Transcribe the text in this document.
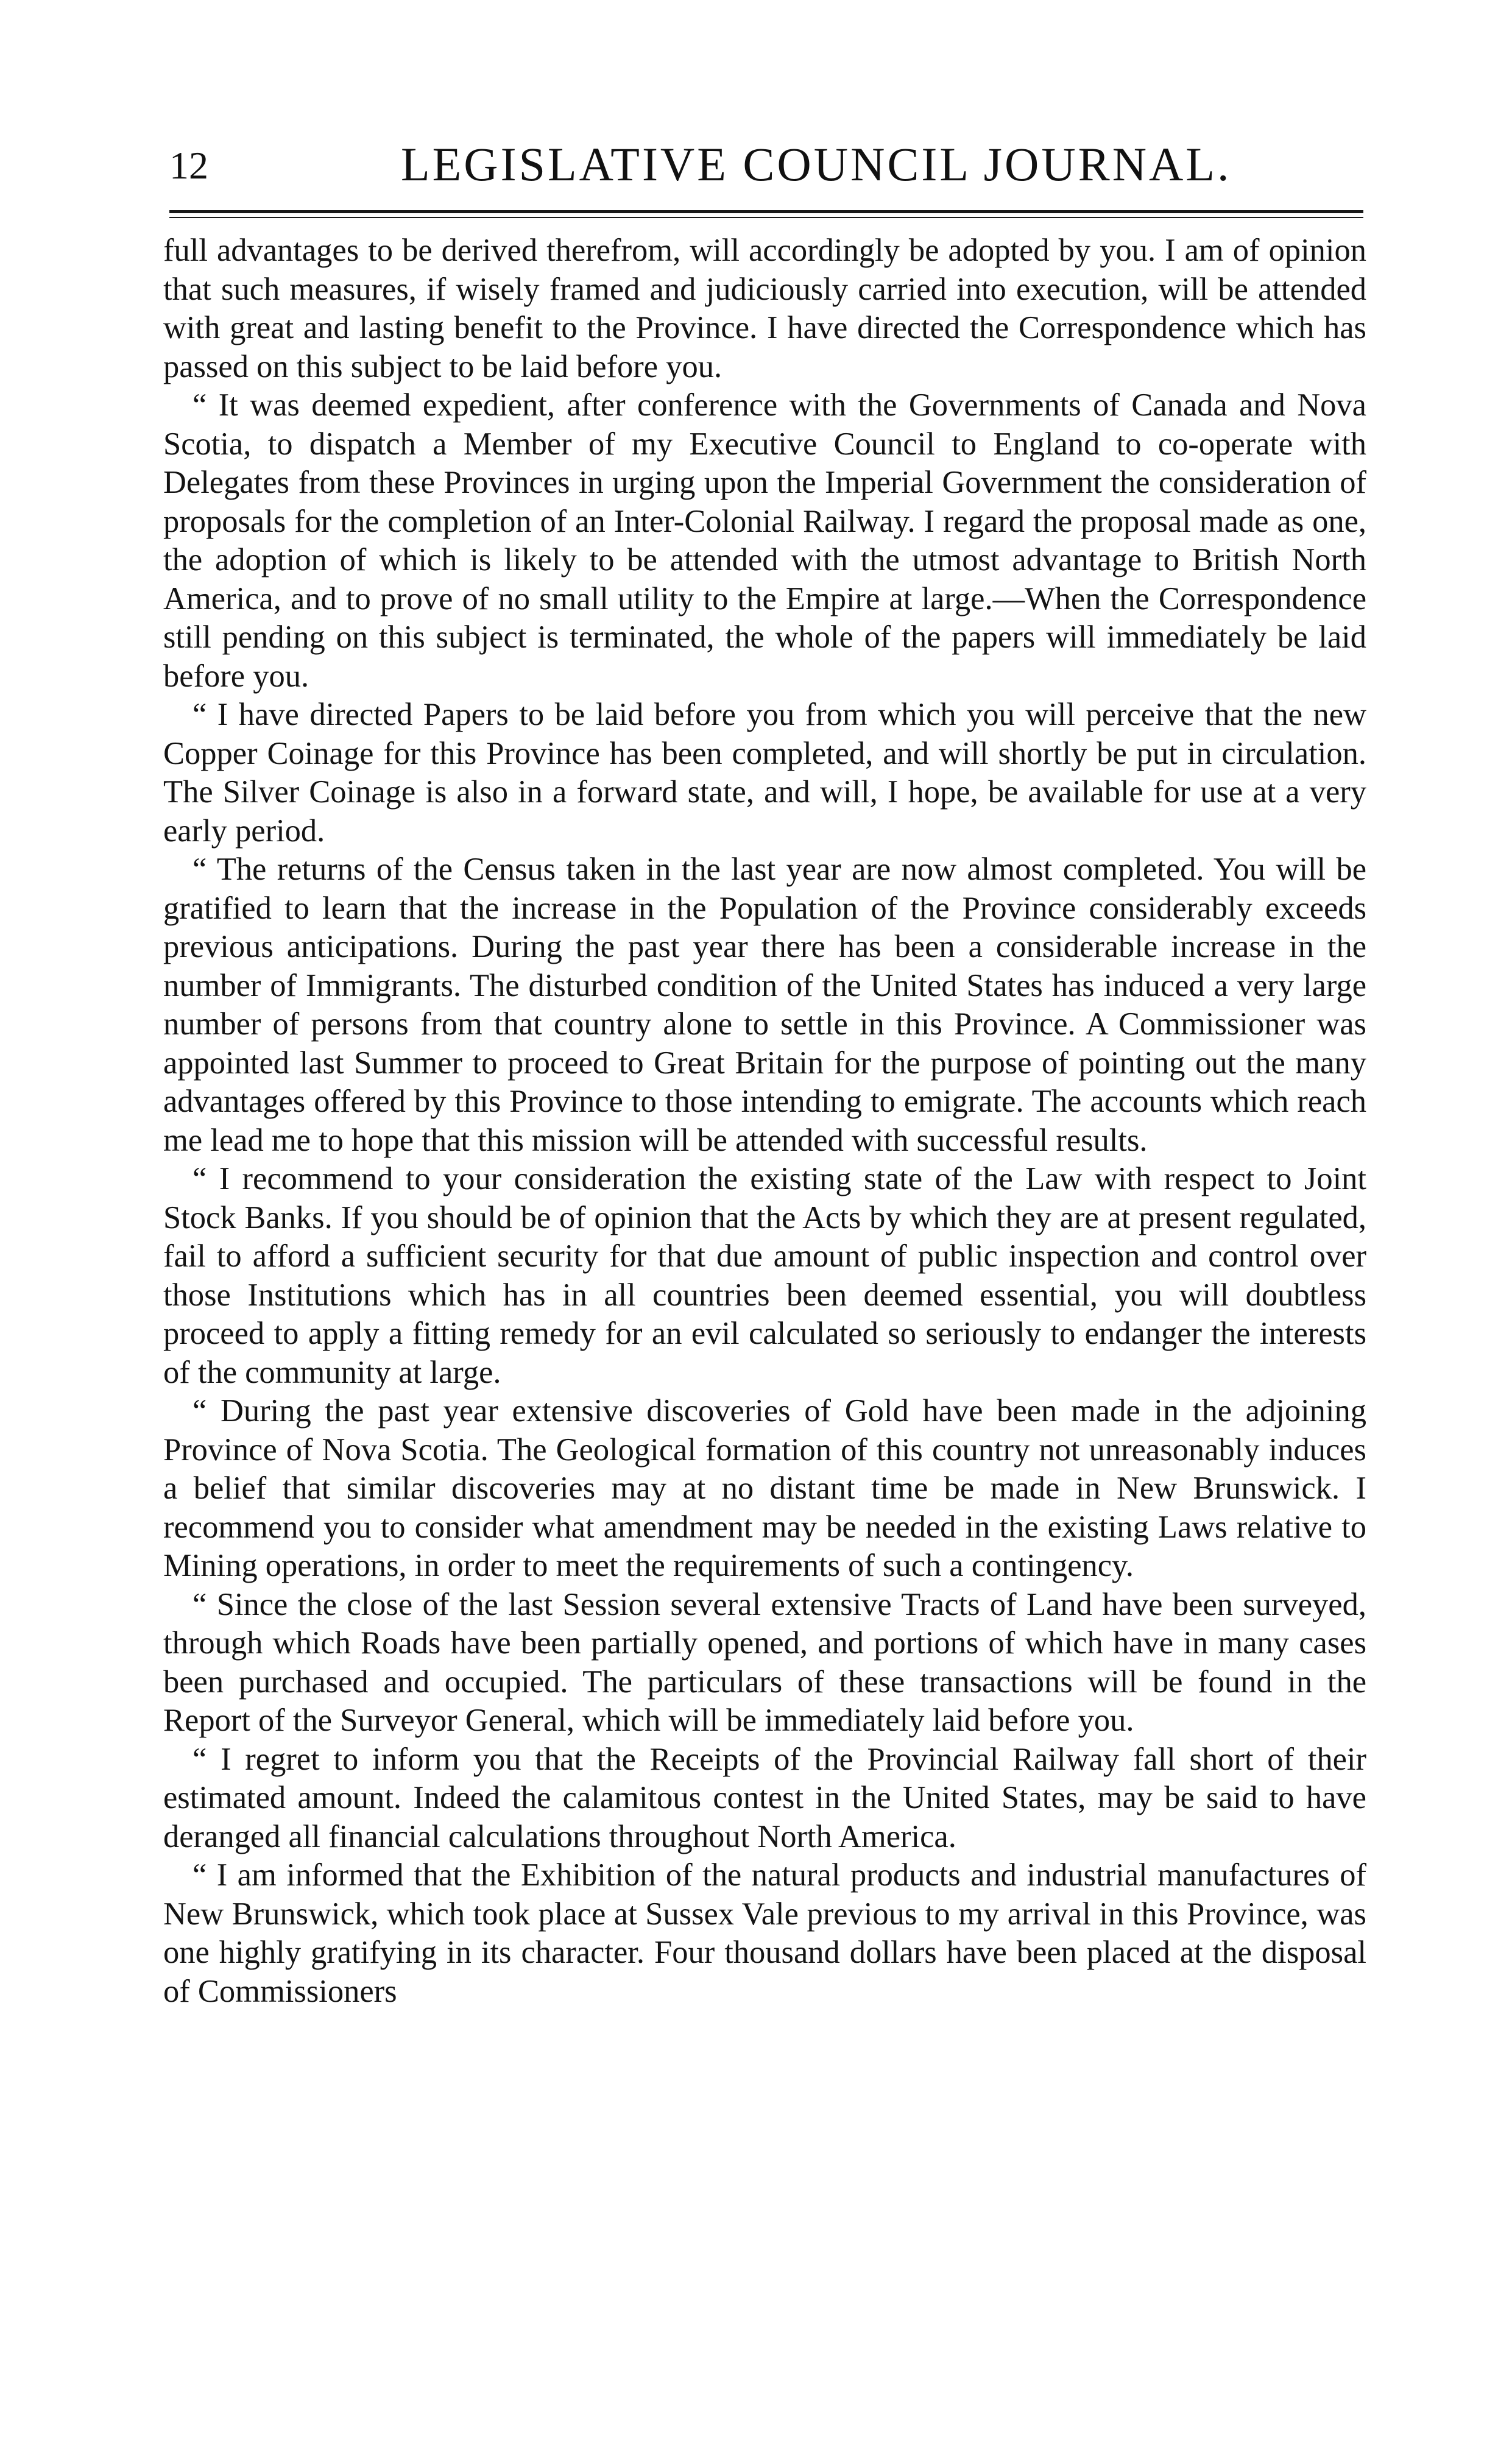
12	LEGISLATIVE COUNCIL JOURNAL.

full advantages to be derived therefrom, will accordingly be adopted by you. I am of opinion that such measures, if wisely framed and judiciously carried into execution, will be attended with great and lasting benefit to the Province. I have directed the Correspondence which has passed on this subject to be laid before you.

“ It was deemed expedient, after conference with the Governments of Canada and Nova Scotia, to dispatch a Member of my Executive Council to England to co-operate with Delegates from these Provinces in urging upon the Imperial Government the consideration of proposals for the completion of an Inter-Colonial Railway. I regard the proposal made as one, the adoption of which is likely to be attended with the utmost advantage to British North America, and to prove of no small utility to the Empire at large.—When the Correspondence still pending on this subject is terminated, the whole of the papers will immediately be laid before you.

“ I have directed Papers to be laid before you from which you will perceive that the new Copper Coinage for this Province has been completed, and will shortly be put in circulation. The Silver Coinage is also in a forward state, and will, I hope, be available for use at a very early period.

“ The returns of the Census taken in the last year are now almost completed. You will be gratified to learn that the increase in the Population of the Province considerably exceeds previous anticipations. During the past year there has been a considerable increase in the number of Immigrants. The disturbed condition of the United States has induced a very large number of persons from that country alone to settle in this Province. A Commissioner was appointed last Summer to proceed to Great Britain for the purpose of pointing out the many advantages offered by this Province to those intending to emigrate. The accounts which reach me lead me to hope that this mission will be attended with successful results.

“ I recommend to your consideration the existing state of the Law with respect to Joint Stock Banks. If you should be of opinion that the Acts by which they are at present regulated, fail to afford a sufficient security for that due amount of public inspection and control over those Institutions which has in all countries been deemed essential, you will doubtless proceed to apply a fitting remedy for an evil calculated so seriously to endanger the interests of the community at large.

“ During the past year extensive discoveries of Gold have been made in the adjoining Province of Nova Scotia. The Geological formation of this country not unreasonably induces a belief that similar discoveries may at no distant time be made in New Brunswick. I recommend you to consider what amendment may be needed in the existing Laws relative to Mining operations, in order to meet the requirements of such a contingency.

“ Since the close of the last Session several extensive Tracts of Land have been surveyed, through which Roads have been partially opened, and portions of which have in many cases been purchased and occupied. The particulars of these transactions will be found in the Report of the Surveyor General, which will be immediately laid before you.

“ I regret to inform you that the Receipts of the Provincial Railway fall short of their estimated amount. Indeed the calamitous contest in the United States, may be said to have deranged all financial calculations throughout North America.

“ I am informed that the Exhibition of the natural products and industrial manufactures of New Brunswick, which took place at Sussex Vale previous to my arrival in this Province, was one highly gratifying in its character. Four thousand dollars have been placed at the disposal of Commissioners
